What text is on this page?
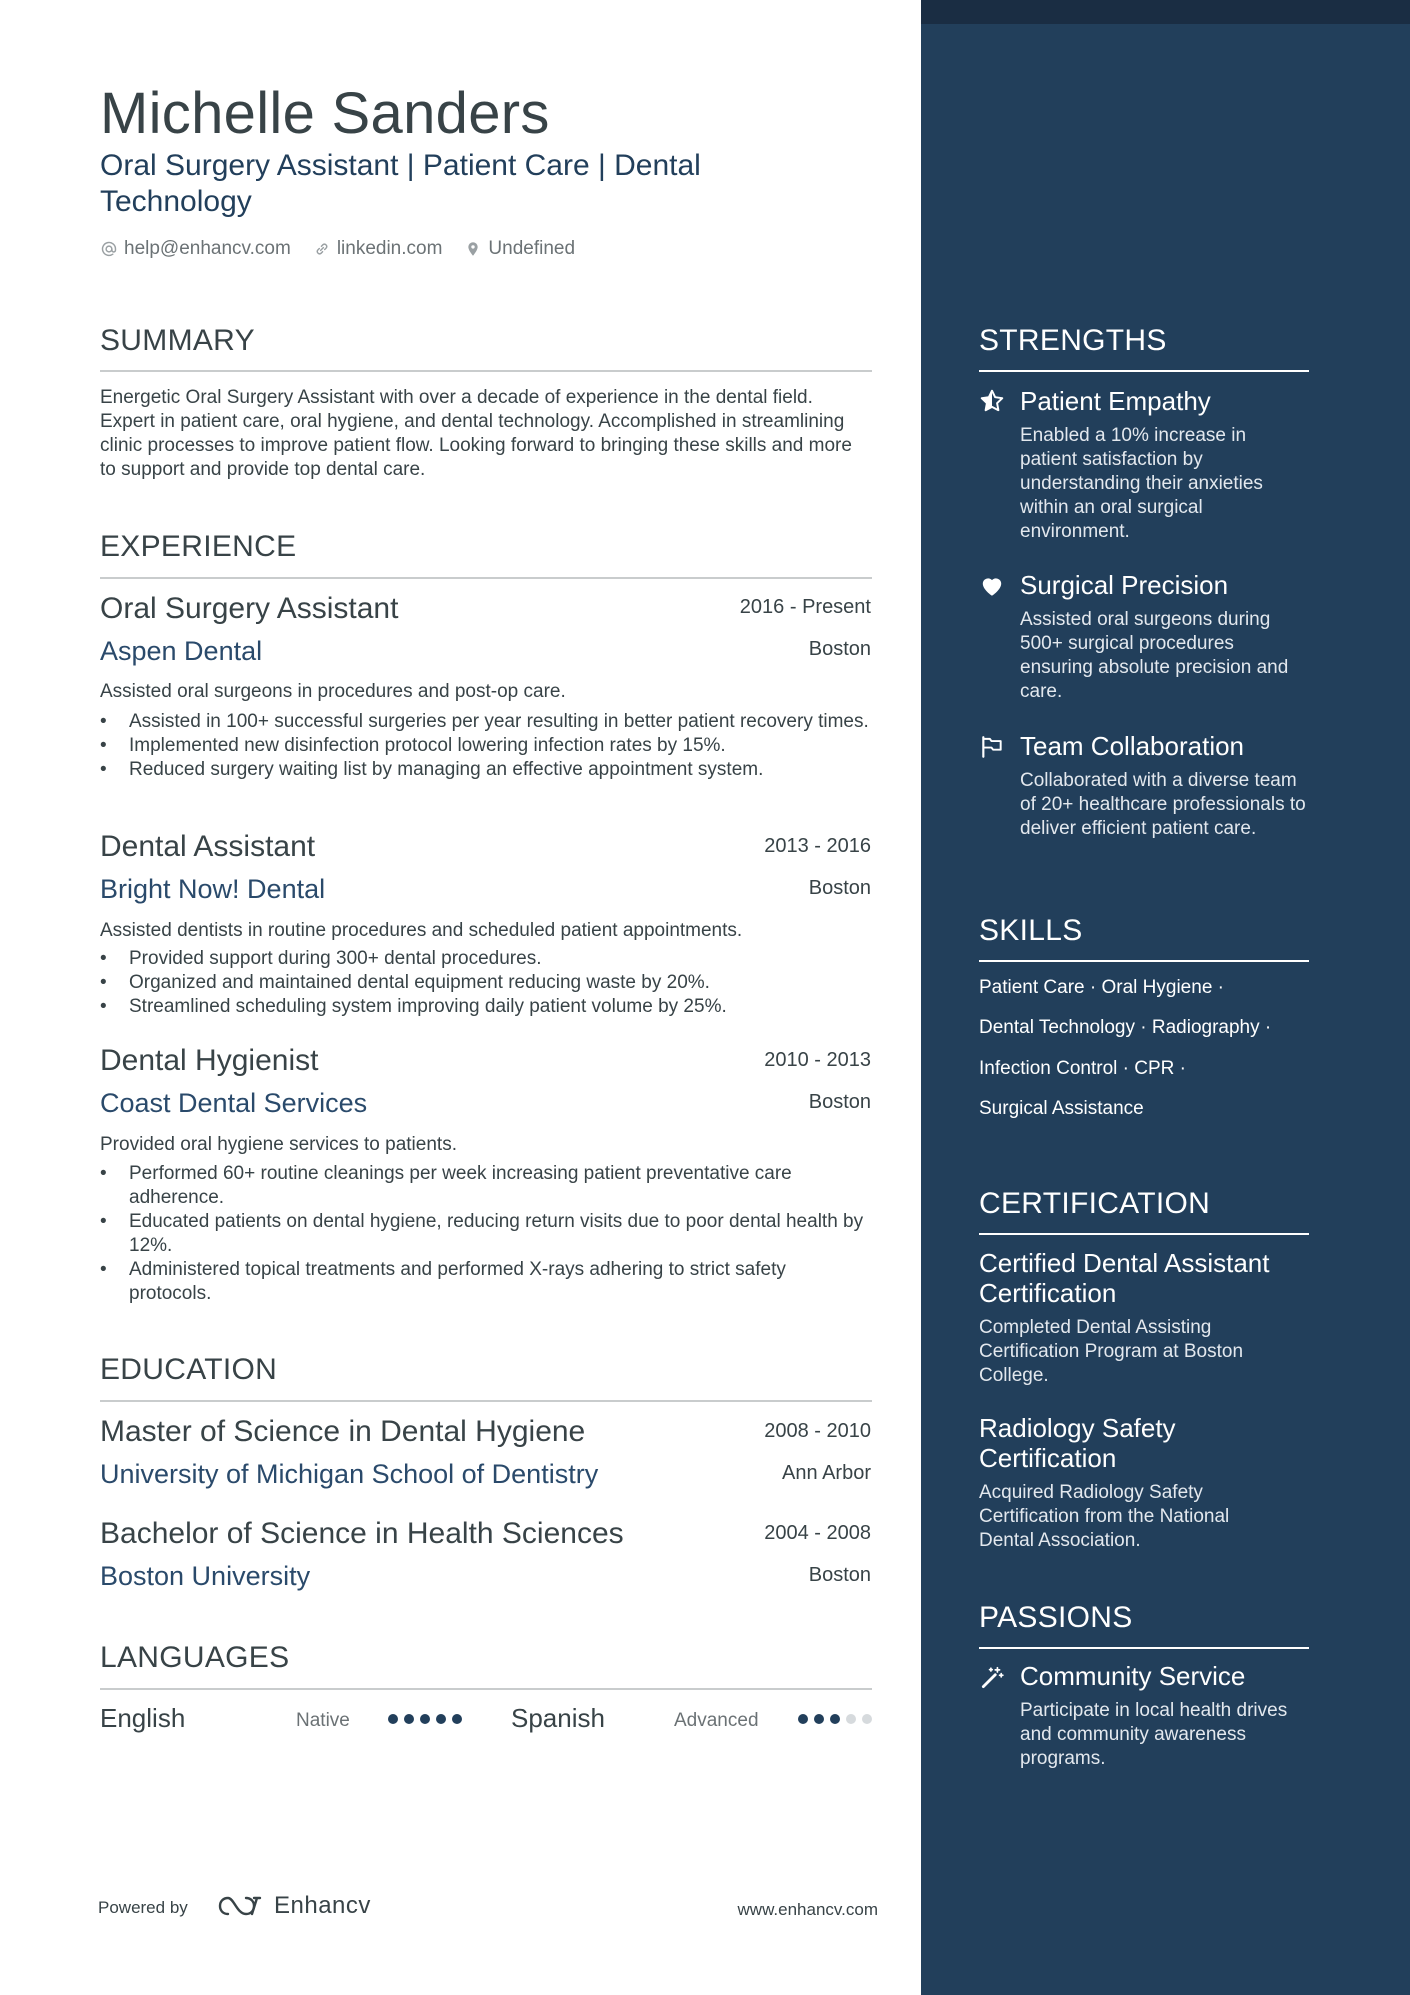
Michelle Sanders
Oral Surgery Assistant | Patient Care | Dental Technology
help@enhancv.com linkedin.com Undefined
SUMMARY

Energetic Oral Surgery Assistant with over a decade of experience in the dental field. Expert in patient care, oral hygiene, and dental technology. Accomplished in streamlining clinic processes to improve patient flow. Looking forward to bringing these skills and more to support and provide top dental care.

EXPERIENCE
Oral Surgery Assistant	2016 - Present
Aspen Dental	Boston

Assisted oral surgeons in procedures and post-op care.

• Assisted in 100+ successful surgeries per year resulting in better patient recovery times.
• Implemented new disinfection protocol lowering infection rates by 15%.
• Reduced surgery waiting list by managing an effective appointment system.
Dental Assistant	2013 - 2016
Bright Now! Dental	Boston

Assisted dentists in routine procedures and scheduled patient appointments.

• Provided support during 300+ dental procedures.
• Organized and maintained dental equipment reducing waste by 20%.
• Streamlined scheduling system improving daily patient volume by 25%.
Dental Hygienist	2010 - 2013
Coast Dental Services	Boston

Provided oral hygiene services to patients.

• Performed 60+ routine cleanings per week increasing patient preventative care adherence.
• Educated patients on dental hygiene, reducing return visits due to poor dental health by 12%.
• Administered topical treatments and performed X-rays adhering to strict safety protocols.
EDUCATION
Master of Science in Dental Hygiene	2008 - 2010
University of Michigan School of Dentistry	Ann Arbor
Bachelor of Science in Health Sciences	2004 - 2008
Boston University	Boston
LANGUAGES
English	Native	Spanish	Advanced
STRENGTHS
Patient Empathy
Enabled a 10% increase in patient satisfaction by understanding their anxieties within an oral surgical environment.
Surgical Precision
Assisted oral surgeons during 500+ surgical procedures ensuring absolute precision and care.
Team Collaboration
Collaborated with a diverse team of 20+ healthcare professionals to deliver efficient patient care.
SKILLS
Patient Care · Oral Hygiene ·
Dental Technology · Radiography ·
Infection Control · CPR ·
Surgical Assistance
CERTIFICATION
Certified Dental Assistant Certification
Completed Dental Assisting Certification Program at Boston College.
Radiology Safety Certification
Acquired Radiology Safety Certification from the National Dental Association.
PASSIONS
Community Service
Participate in local health drives and community awareness programs.
Powered by	Enhancv	www.enhancv.com
